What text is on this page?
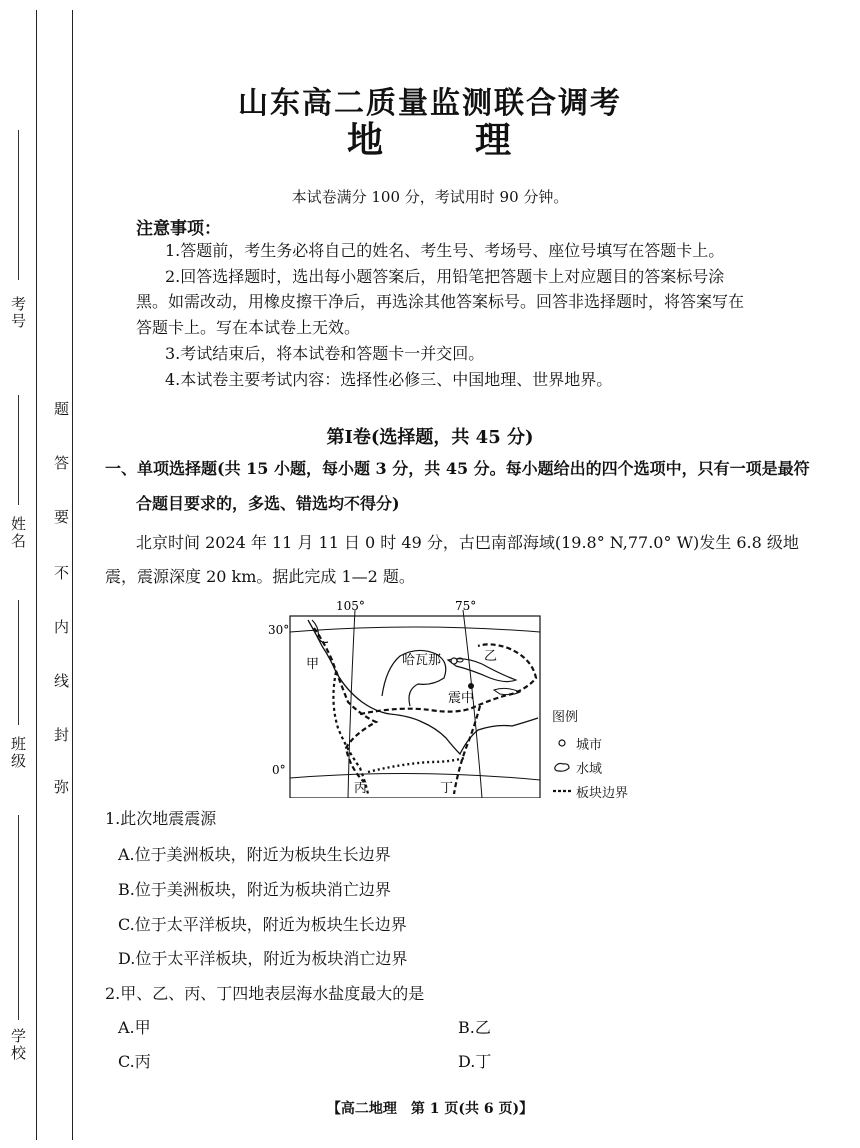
考号
姓名
班级
学校
题
答
要
不
内
线
封
弥
山东高二质量监测联合调考
地	理
本试卷满分 100 分，考试用时 90 分钟。
注意事项：
1.答题前，考生务必将自己的姓名、考生号、考场号、座位号填写在答题卡上。
2.回答选择题时，选出每小题答案后，用铅笔把答题卡上对应题目的答案标号涂
黑。如需改动，用橡皮擦干净后，再选涂其他答案标号。回答非选择题时，将答案写在
答题卡上。写在本试卷上无效。
3.考试结束后，将本试卷和答题卡一并交回。
4.本试卷主要考试内容：选择性必修三、中国地理、世界地界。
第Ⅰ卷(选择题，共 45 分)
一、单项选择题(共 15 小题，每小题 3 分，共 45 分。每小题给出的四个选项中，只有一项是最符
合题目要求的，多选、错选均不得分)
北京时间 2024 年 11 月 11 日 0 时 49 分，古巴南部海域(19.8° N,77.0° W)发生 6.8 级地
震，震源深度 20 km。据此完成 1—2 题。
105°	75°
30°
0°
甲
乙
丙	丁
哈瓦那
震中
图例
城市
水域
板块边界
1.此次地震震源
A.位于美洲板块，附近为板块生长边界
B.位于美洲板块，附近为板块消亡边界
C.位于太平洋板块，附近为板块生长边界
D.位于太平洋板块，附近为板块消亡边界
2.甲、乙、丙、丁四地表层海水盐度最大的是
A.甲	B.乙
C.丙	D.丁
【高二地理　第 1 页(共 6 页)】
